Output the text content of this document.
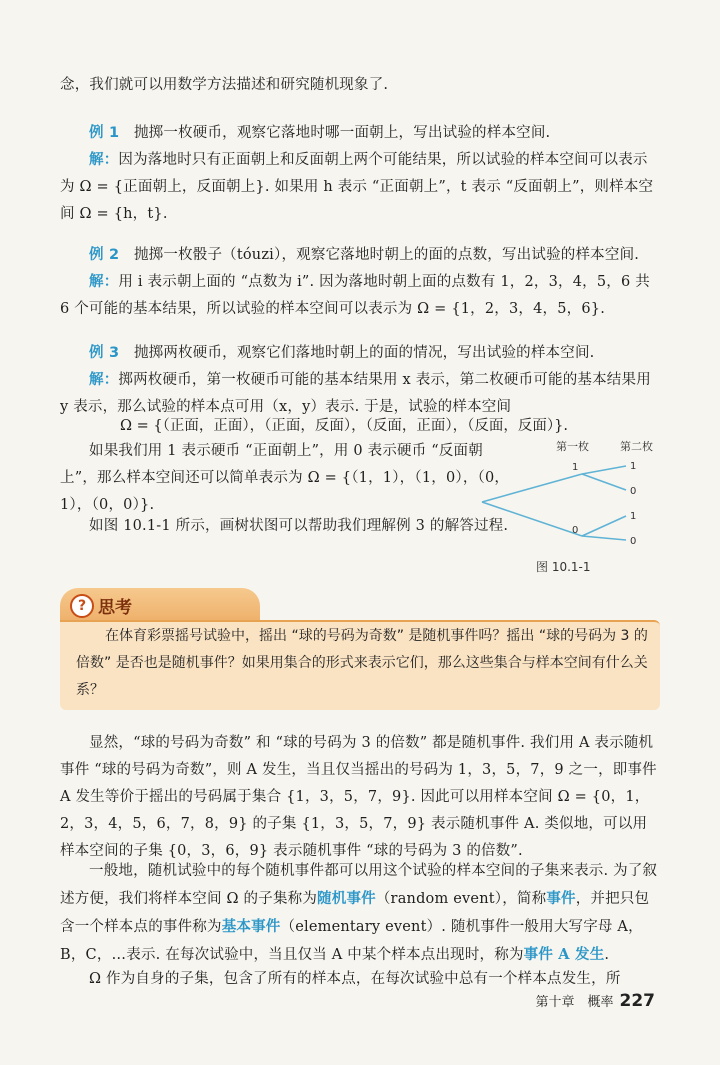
念，我们就可以用数学方法描述和研究随机现象了.

例 1　 抛掷一枚硬币，观察它落地时哪一面朝上，写出试验的样本空间.

解：因为落地时只有正面朝上和反面朝上两个可能结果，所以试验的样本空间可以表示为 Ω = {正面朝上，反面朝上}. 如果用 h 表示 “正面朝上”，t 表示 “反面朝上”，则样本空间 Ω = {h，t}.

例 2　 抛掷一枚骰子（tóuzi），观察它落地时朝上的面的点数，写出试验的样本空间.

解：用 i 表示朝上面的 “点数为 i”. 因为落地时朝上面的点数有 1，2，3，4，5，6 共 6 个可能的基本结果，所以试验的样本空间可以表示为 Ω = {1，2，3，4，5，6}.

例 3　 抛掷两枚硬币，观察它们落地时朝上的面的情况，写出试验的样本空间.

解：掷两枚硬币，第一枚硬币可能的基本结果用 x 表示，第二枚硬币可能的基本结果用 y 表示，那么试验的样本点可用（x，y）表示. 于是，试验的样本空间

Ω = {（正面，正面），（正面，反面），（反面，正面），（反面，反面）}.

如果我们用 1 表示硬币 “正面朝上”，用 0 表示硬币 “反面朝上”，那么样本空间还可以简单表示为 Ω = {（1，1），（1，0），（0，1），（0，0）}.

如图 10.1-1 所示，画树状图可以帮助我们理解例 3 的解答过程.

第一枚	第二枚
1
0
1
0
1
0
图 10.1-1
? 思考

在体育彩票摇号试验中，摇出 “球的号码为奇数” 是随机事件吗？摇出 “球的号码为 3 的倍数” 是否也是随机事件？如果用集合的形式来表示它们，那么这些集合与样本空间有什么关系？

显然，“球的号码为奇数” 和 “球的号码为 3 的倍数” 都是随机事件. 我们用 A 表示随机事件 “球的号码为奇数”，则 A 发生，当且仅当摇出的号码为 1，3，5，7，9 之一，即事件 A 发生等价于摇出的号码属于集合 {1，3，5，7，9}. 因此可以用样本空间 Ω = {0，1，2，3，4，5，6，7，8，9} 的子集 {1，3，5，7，9} 表示随机事件 A. 类似地，可以用样本空间的子集 {0，3，6，9} 表示随机事件 “球的号码为 3 的倍数”.

一般地，随机试验中的每个随机事件都可以用这个试验的样本空间的子集来表示. 为了叙述方便，我们将样本空间 Ω 的子集称为随机事件（random event），简称事件，并把只包含一个样本点的事件称为基本事件（elementary event）. 随机事件一般用大写字母 A，B，C，…表示. 在每次试验中，当且仅当 A 中某个样本点出现时，称为事件 A 发生.

Ω 作为自身的子集，包含了所有的样本点，在每次试验中总有一个样本点发生，所

第十章　概率 227
